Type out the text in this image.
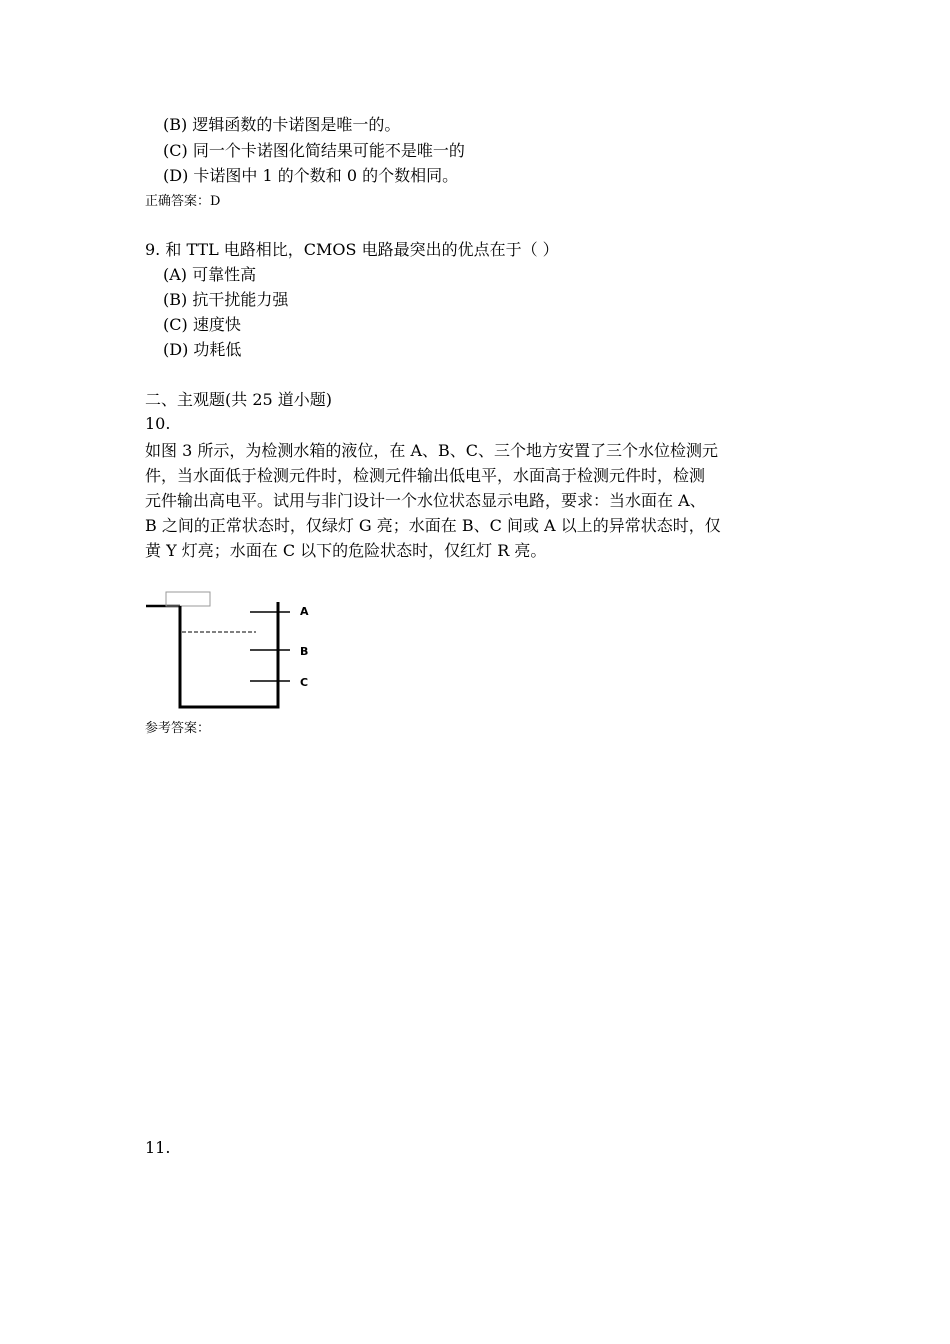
(B) 逻辑函数的卡诺图是唯一的。
(C) 同一个卡诺图化简结果可能不是唯一的
(D) 卡诺图中 1 的个数和 0 的个数相同。
正确答案：D
9. 和 TTL 电路相比，CMOS 电路最突出的优点在于（ ）
(A) 可靠性高
(B) 抗干扰能力强
(C) 速度快
(D) 功耗低
二、主观题(共 25 道小题)
10.
如图 3 所示，为检测水箱的液位，在 A、B、C、三个地方安置了三个水位检测元
件，当水面低于检测元件时，检测元件输出低电平，水面高于检测元件时，检测
元件输出高电平。试用与非门设计一个水位状态显示电路，要求：当水面在 A、
B 之间的正常状态时，仅绿灯 G 亮；水面在 B、C 间或 A 以上的异常状态时，仅
黄 Y 灯亮；水面在 C 以下的危险状态时，仅红灯 R 亮。
A
B
C
参考答案：
11.
